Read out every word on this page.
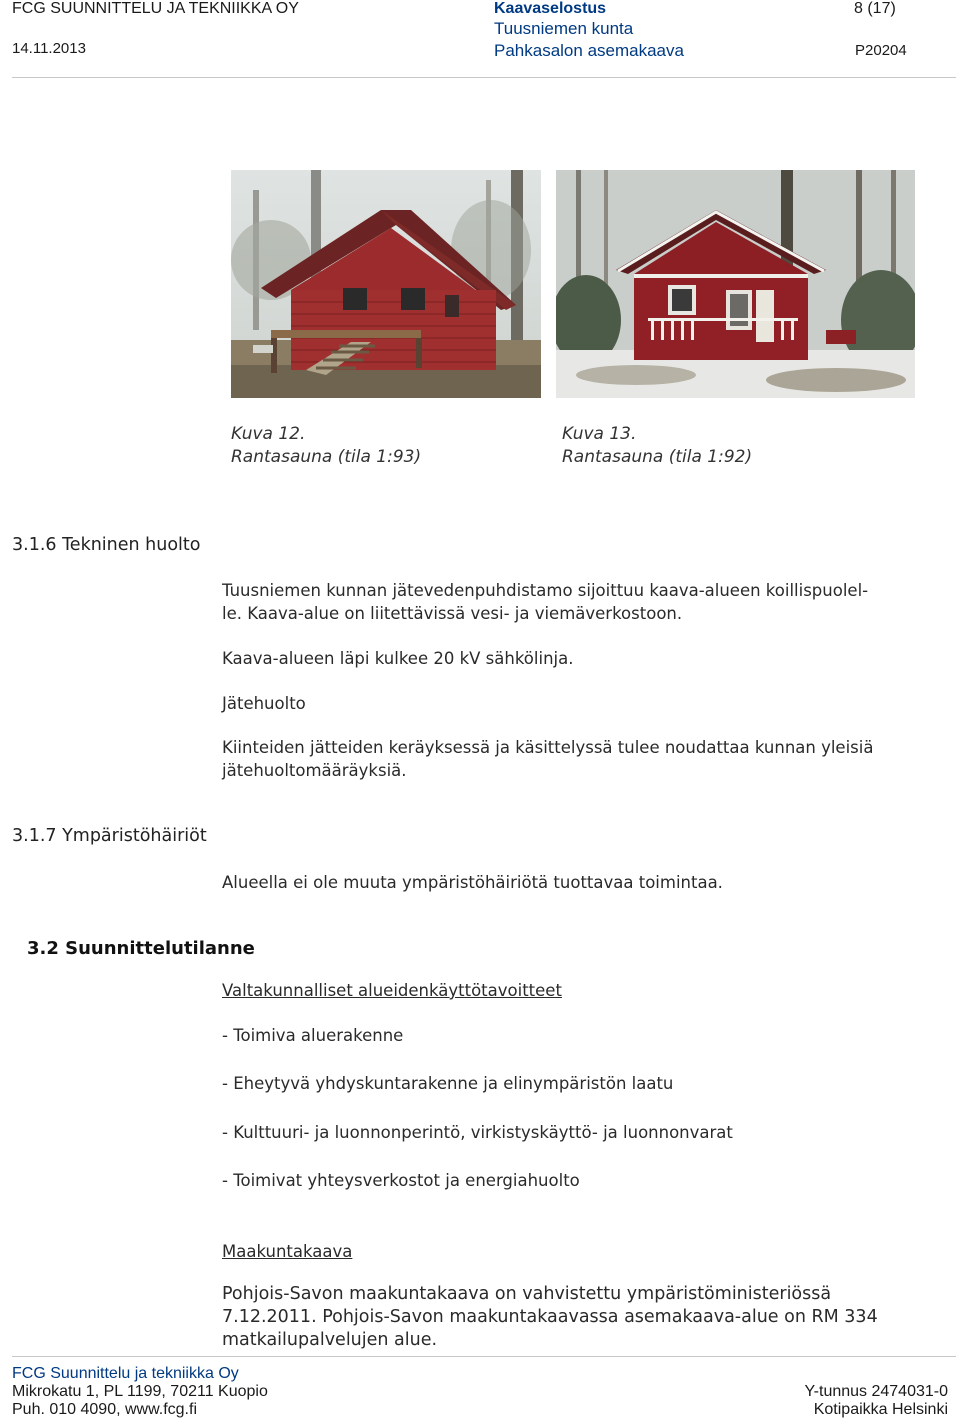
FCG SUUNNITTELU JA TEKNIIKKA OY
14.11.2013
Kaavaselostus
Tuusniemen kunta
Pahkasalon asemakaava
8 (17)
P20204
Kuva 12.
Rantasauna (tila 1:93)
Kuva 13.
Rantasauna (tila 1:92)
3.1.6 Tekninen huolto
Tuusniemen kunnan jätevedenpuhdistamo sijoittuu kaava-alueen koillispuolel-
le. Kaava-alue on liitettävissä vesi- ja viemäverkostoon.
Kaava-alueen läpi kulkee 20 kV sähkölinja.
Jätehuolto
Kiinteiden jätteiden keräyksessä ja käsittelyssä tulee noudattaa kunnan yleisiä
jätehuoltomääräyksiä.
3.1.7 Ympäristöhäiriöt
Alueella ei ole muuta ympäristöhäiriötä tuottavaa toimintaa.
3.2 Suunnittelutilanne
Valtakunnalliset alueidenkäyttötavoitteet
- Toimiva aluerakenne
- Eheytyvä yhdyskuntarakenne ja elinympäristön laatu
- Kulttuuri- ja luonnonperintö, virkistyskäyttö- ja luonnonvarat
- Toimivat yhteysverkostot ja energiahuolto
Maakuntakaava
Pohjois-Savon maakuntakaava on vahvistettu ympäristöministeriössä
7.12.2011. Pohjois-Savon maakuntakaavassa asemakaava-alue on RM 334
matkailupalvelujen alue.
FCG Suunnittelu ja tekniikka Oy
Mikrokatu 1, PL 1199, 70211 Kuopio
Puh. 010 4090, www.fcg.fi
Y-tunnus 2474031-0
Kotipaikka Helsinki
